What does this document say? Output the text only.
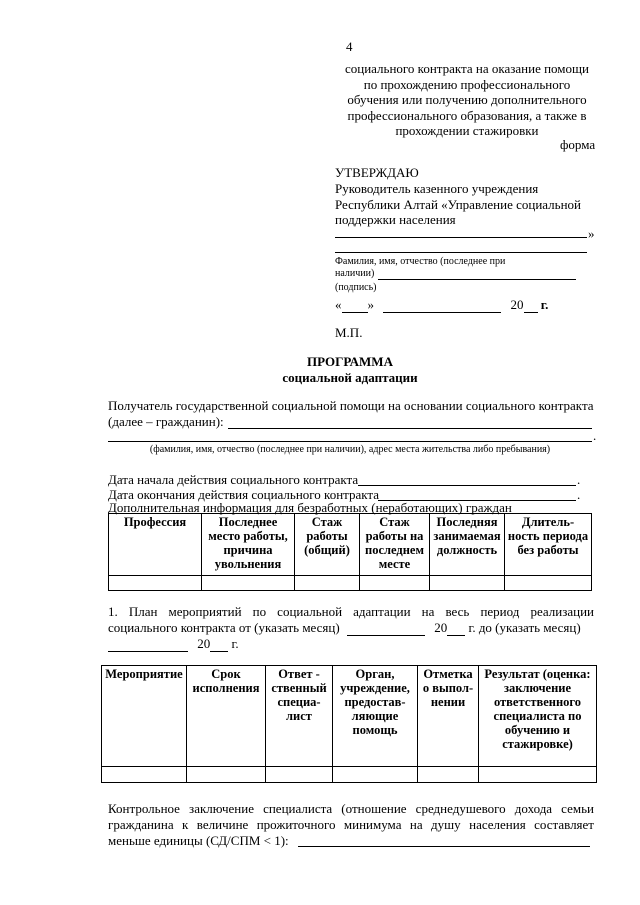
4
социального контракта на оказание помощи
по прохождению профессионального
обучения или получению дополнительного
профессионального образования, а также в
прохождении стажировки
форма
УТВЕРЖДАЮ
Руководитель казенного учреждения
Республики Алтай «Управление социальной
поддержки населения
»
Фамилия, имя, отчество (последнее при
наличии)
(подпись)
« »	20 г.
М.П.
ПРОГРАММА
социальной адаптации
Получатель государственной социальной помощи на основании социального контракта
(далее – гражданин):
.
(фамилия, имя, отчество (последнее при наличии), адрес места жительства либо пребывания)
Дата начала действия социального контракта	.
Дата окончания действия социального контракта	.
Дополнительная информация для безработных (неработающих) граждан
Профессия	Последнее место работы, причина увольнения	Стаж работы (общий)	Стаж работы на последнем месте	Последняя занимаемая должность	Длитель-ность периода без работы

1. План мероприятий по социальной адаптации на весь период реализации
социального контракта от (указать месяц)	20 г. до (указать месяц)
20 г.
Мероприятие	Срок исполнения	Ответ - ственный специа- лист	Орган, учреждение, предостав- ляющие помощь	Отметка о выпол- нении	Результат (оценка: заключение ответственного специалиста по обучению и стажировке)

Контрольное заключение специалиста (отношение среднедушевого дохода семьи
гражданина к величине прожиточного минимума на душу населения составляет
меньше единицы (СД/СПМ < 1):
